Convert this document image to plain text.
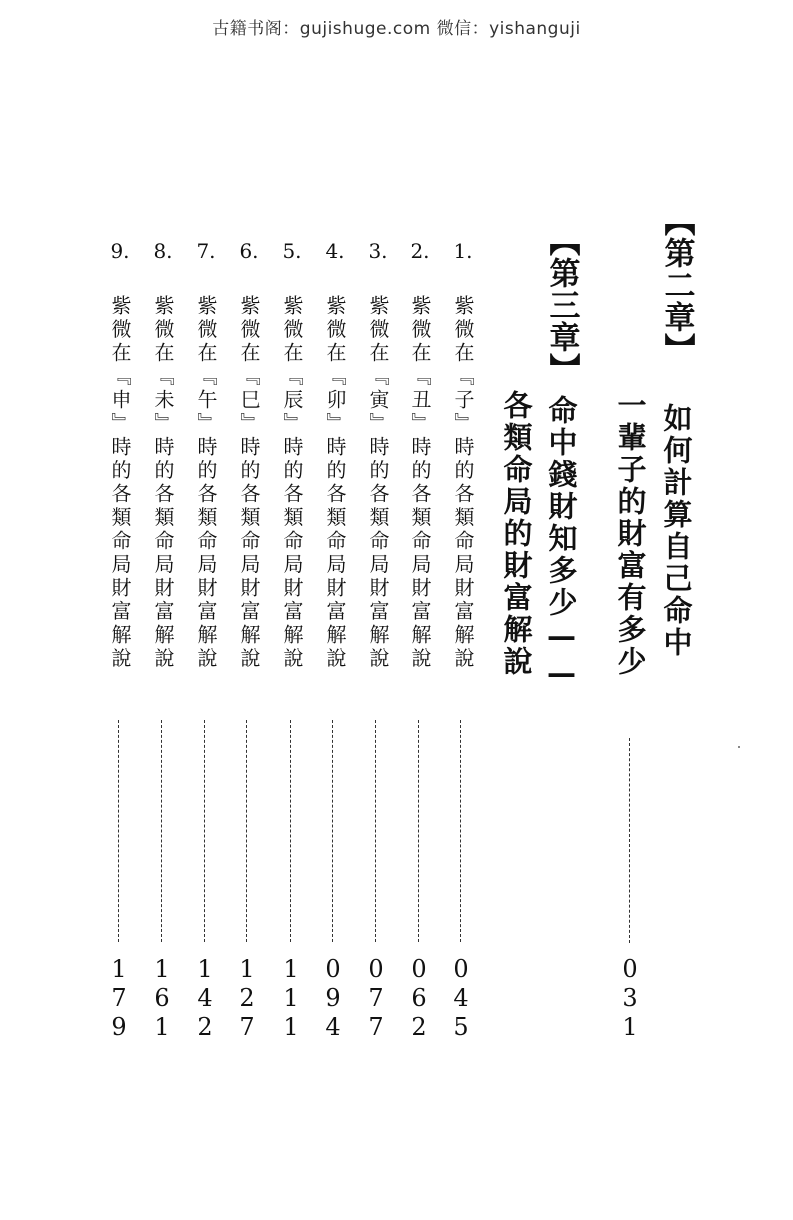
古籍书阁：gujishuge.com 微信：yishanguji
【第二章】
如何計算自己命中
一輩子的財富有多少
0
3
1
【第三章】
命中錢財知多少——
各類命局的財富解說
1.
紫微在『子』時的各類命局財富解說
0
4
5
2.
紫微在『丑』時的各類命局財富解說
0
6
2
3.
紫微在『寅』時的各類命局財富解說
0
7
7
4.
紫微在『卯』時的各類命局財富解說
0
9
4
5.
紫微在『辰』時的各類命局財富解說
1
1
1
6.
紫微在『巳』時的各類命局財富解說
1
2
7
7.
紫微在『午』時的各類命局財富解說
1
4
2
8.
紫微在『未』時的各類命局財富解說
1
6
1
9.
紫微在『申』時的各類命局財富解說
1
7
9
